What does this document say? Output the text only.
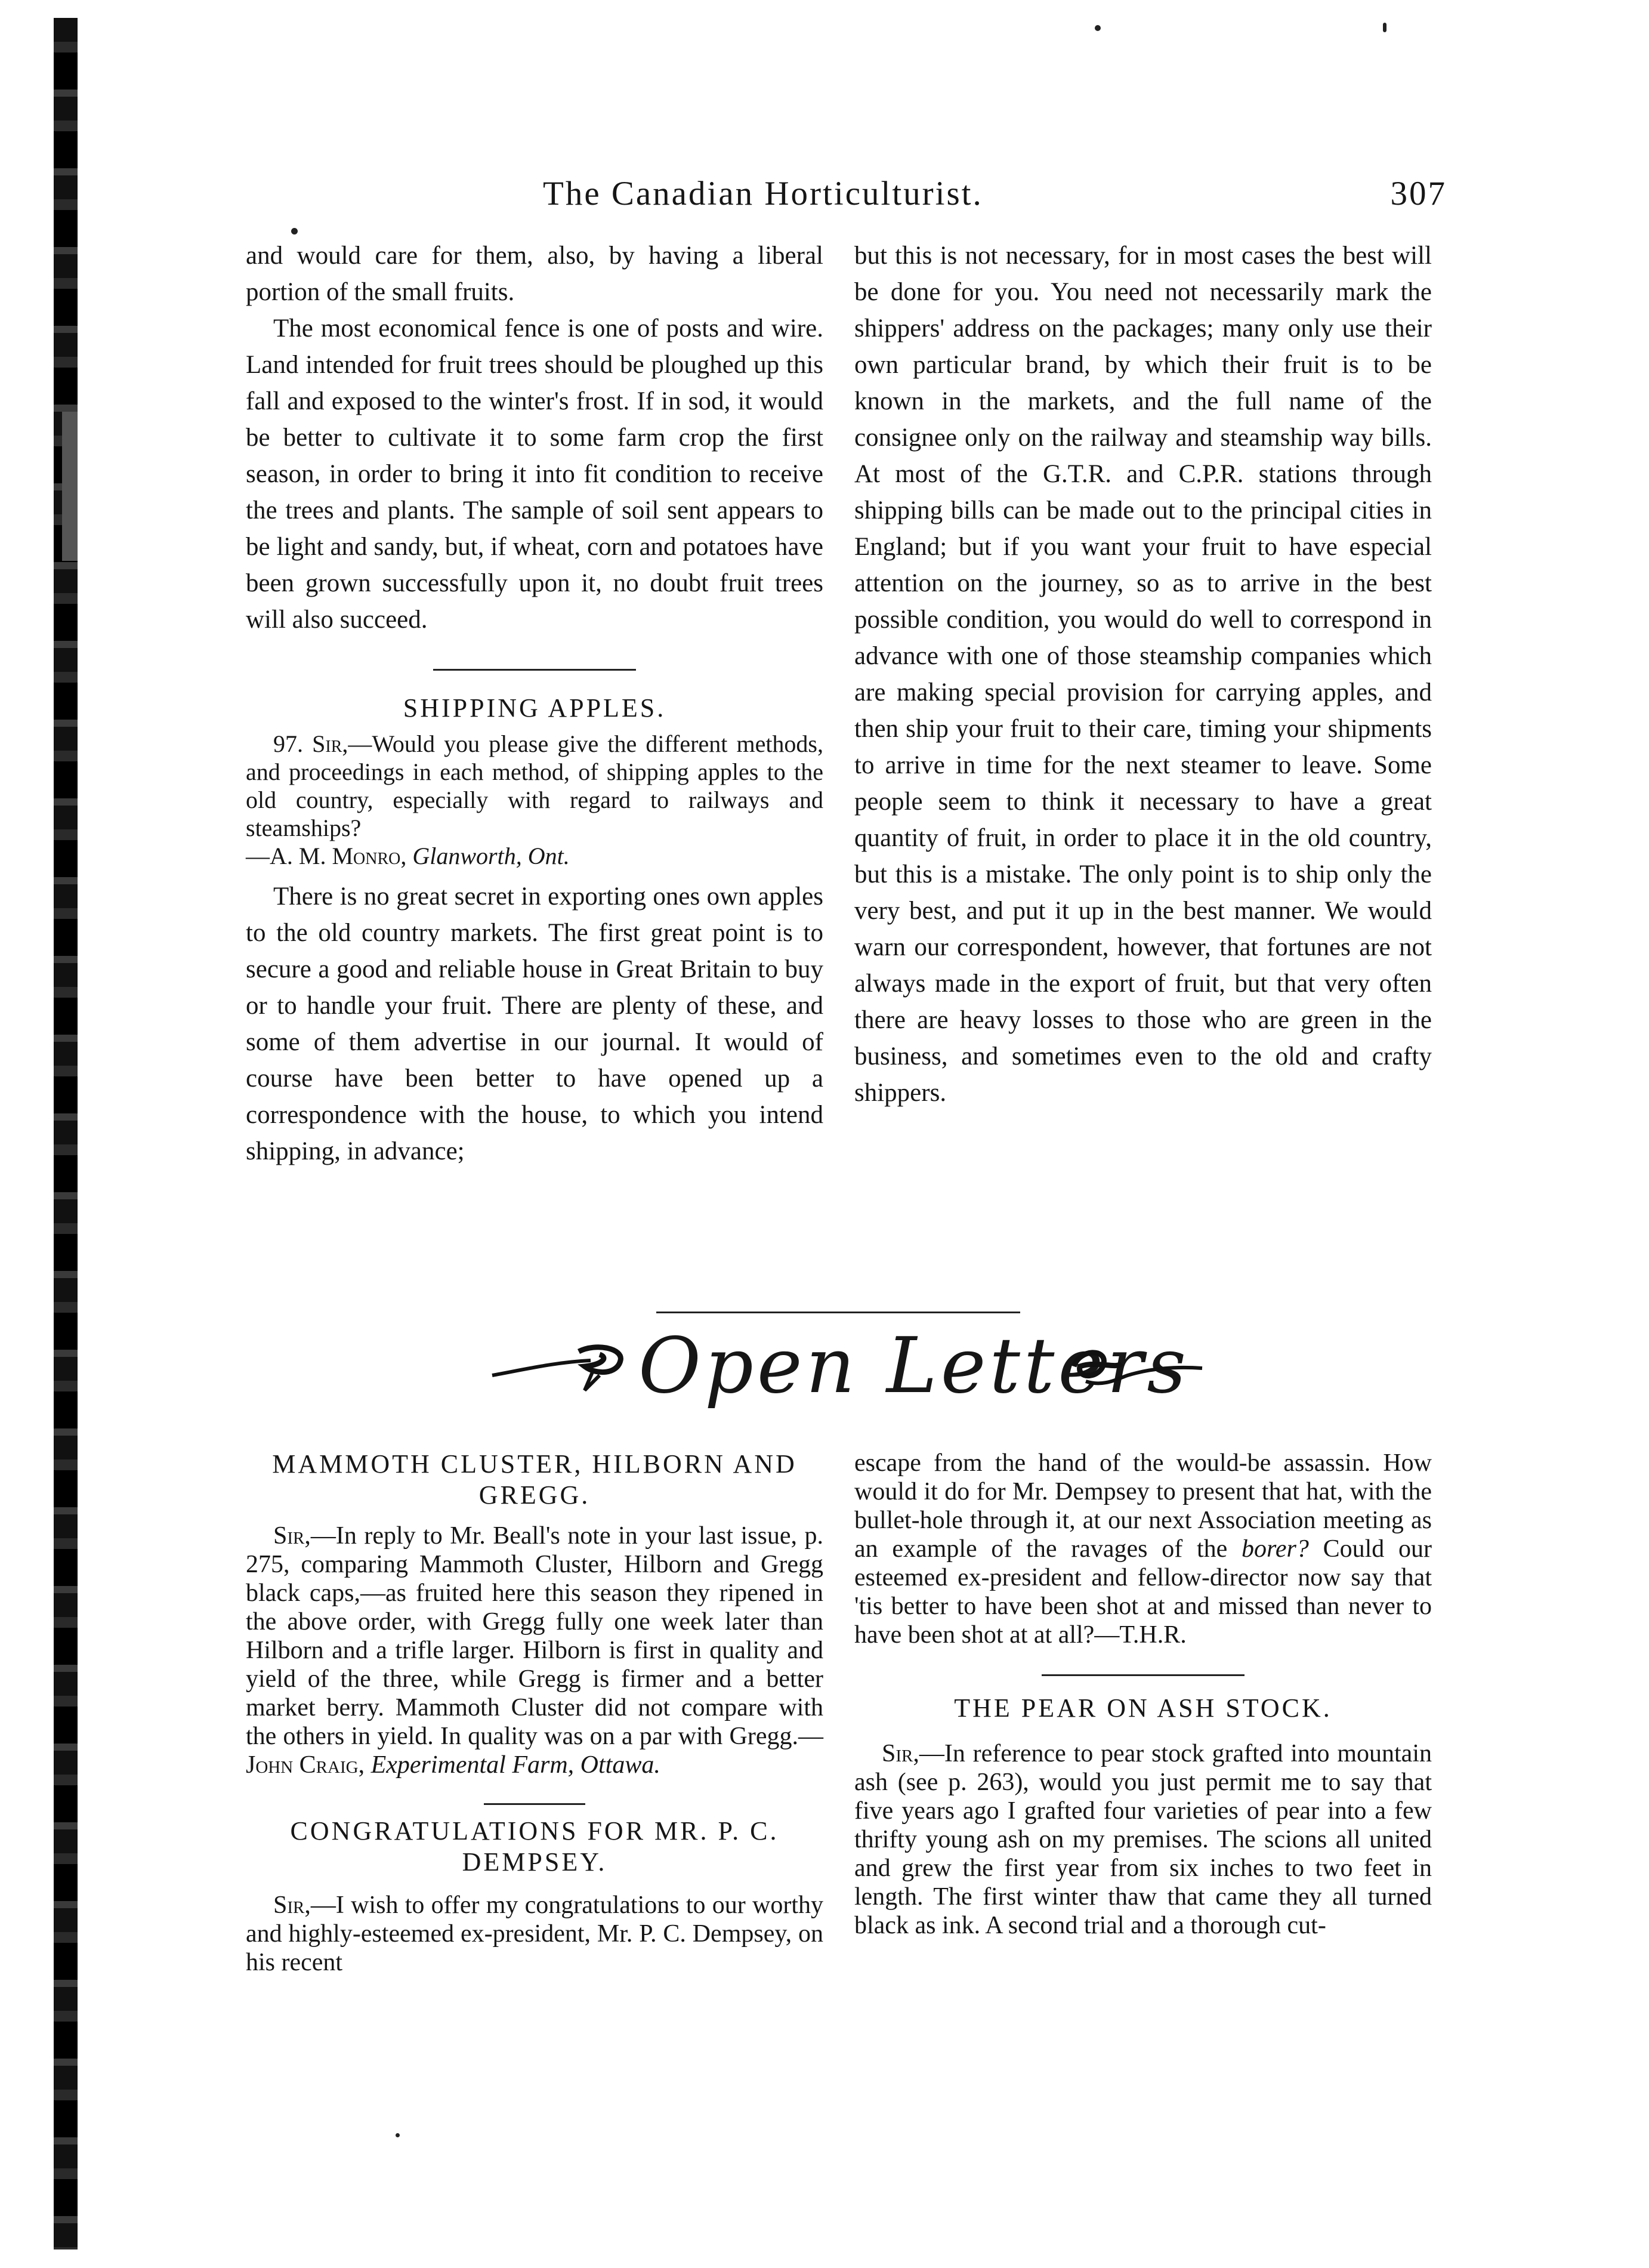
The Canadian Horticulturist.	307

and would care for them, also, by having a liberal portion of the small fruits.

The most economical fence is one of posts and wire. Land intended for fruit trees should be ploughed up this fall and exposed to the winter's frost. If in sod, it would be better to cultivate it to some farm crop the first season, in order to bring it into fit condition to receive the trees and plants. The sample of soil sent appears to be light and sandy, but, if wheat, corn and potatoes have been grown successfully upon it, no doubt fruit trees will also succeed.

SHIPPING APPLES.

97. Sir,—Would you please give the different methods, and proceedings in each method, of shipping apples to the old country, especially with regard to railways and steamships?
—A. M. Monro, Glanworth, Ont.

There is no great secret in exporting ones own apples to the old country markets. The first great point is to secure a good and reliable house in Great Britain to buy or to handle your fruit. There are plenty of these, and some of them advertise in our journal. It would of course have been better to have opened up a correspondence with the house, to which you intend shipping, in advance;

but this is not necessary, for in most cases the best will be done for you. You need not necessarily mark the shippers' address on the packages; many only use their own particular brand, by which their fruit is to be known in the markets, and the full name of the consignee only on the railway and steamship way bills. At most of the G.T.R. and C.P.R. stations through shipping bills can be made out to the principal cities in England; but if you want your fruit to have especial attention on the journey, so as to arrive in the best possible condition, you would do well to correspond in advance with one of those steamship companies which are making special provision for carrying apples, and then ship your fruit to their care, timing your shipments to arrive in time for the next steamer to leave. Some people seem to think it necessary to have a great quantity of fruit, in order to place it in the old country, but this is a mistake. The only point is to ship only the very best, and put it up in the best manner. We would warn our correspondent, however, that fortunes are not always made in the export of fruit, but that very often there are heavy losses to those who are green in the business, and sometimes even to the old and crafty shippers.

Open Letters

MAMMOTH CLUSTER, HILBORN AND GREGG.

Sir,—In reply to Mr. Beall's note in your last issue, p. 275, comparing Mammoth Cluster, Hilborn and Gregg black caps,—as fruited here this season they ripened in the above order, with Gregg fully one week later than Hilborn and a trifle larger. Hilborn is first in quality and yield of the three, while Gregg is firmer and a better market berry. Mammoth Cluster did not compare with the others in yield. In quality was on a par with Gregg.—John Craig, Experimental Farm, Ottawa.

CONGRATULATIONS FOR MR. P. C. DEMPSEY.

Sir,—I wish to offer my congratulations to our worthy and highly-esteemed ex-president, Mr. P. C. Dempsey, on his recent

escape from the hand of the would-be assassin. How would it do for Mr. Dempsey to present that hat, with the bullet-hole through it, at our next Association meeting as an example of the ravages of the borer? Could our esteemed ex-president and fellow-director now say that 'tis better to have been shot at and missed than never to have been shot at at all?—T.H.R.

THE PEAR ON ASH STOCK.

Sir,—In reference to pear stock grafted into mountain ash (see p. 263), would you just permit me to say that five years ago I grafted four varieties of pear into a few thrifty young ash on my premises. The scions all united and grew the first year from six inches to two feet in length. The first winter thaw that came they all turned black as ink. A second trial and a thorough cut-
